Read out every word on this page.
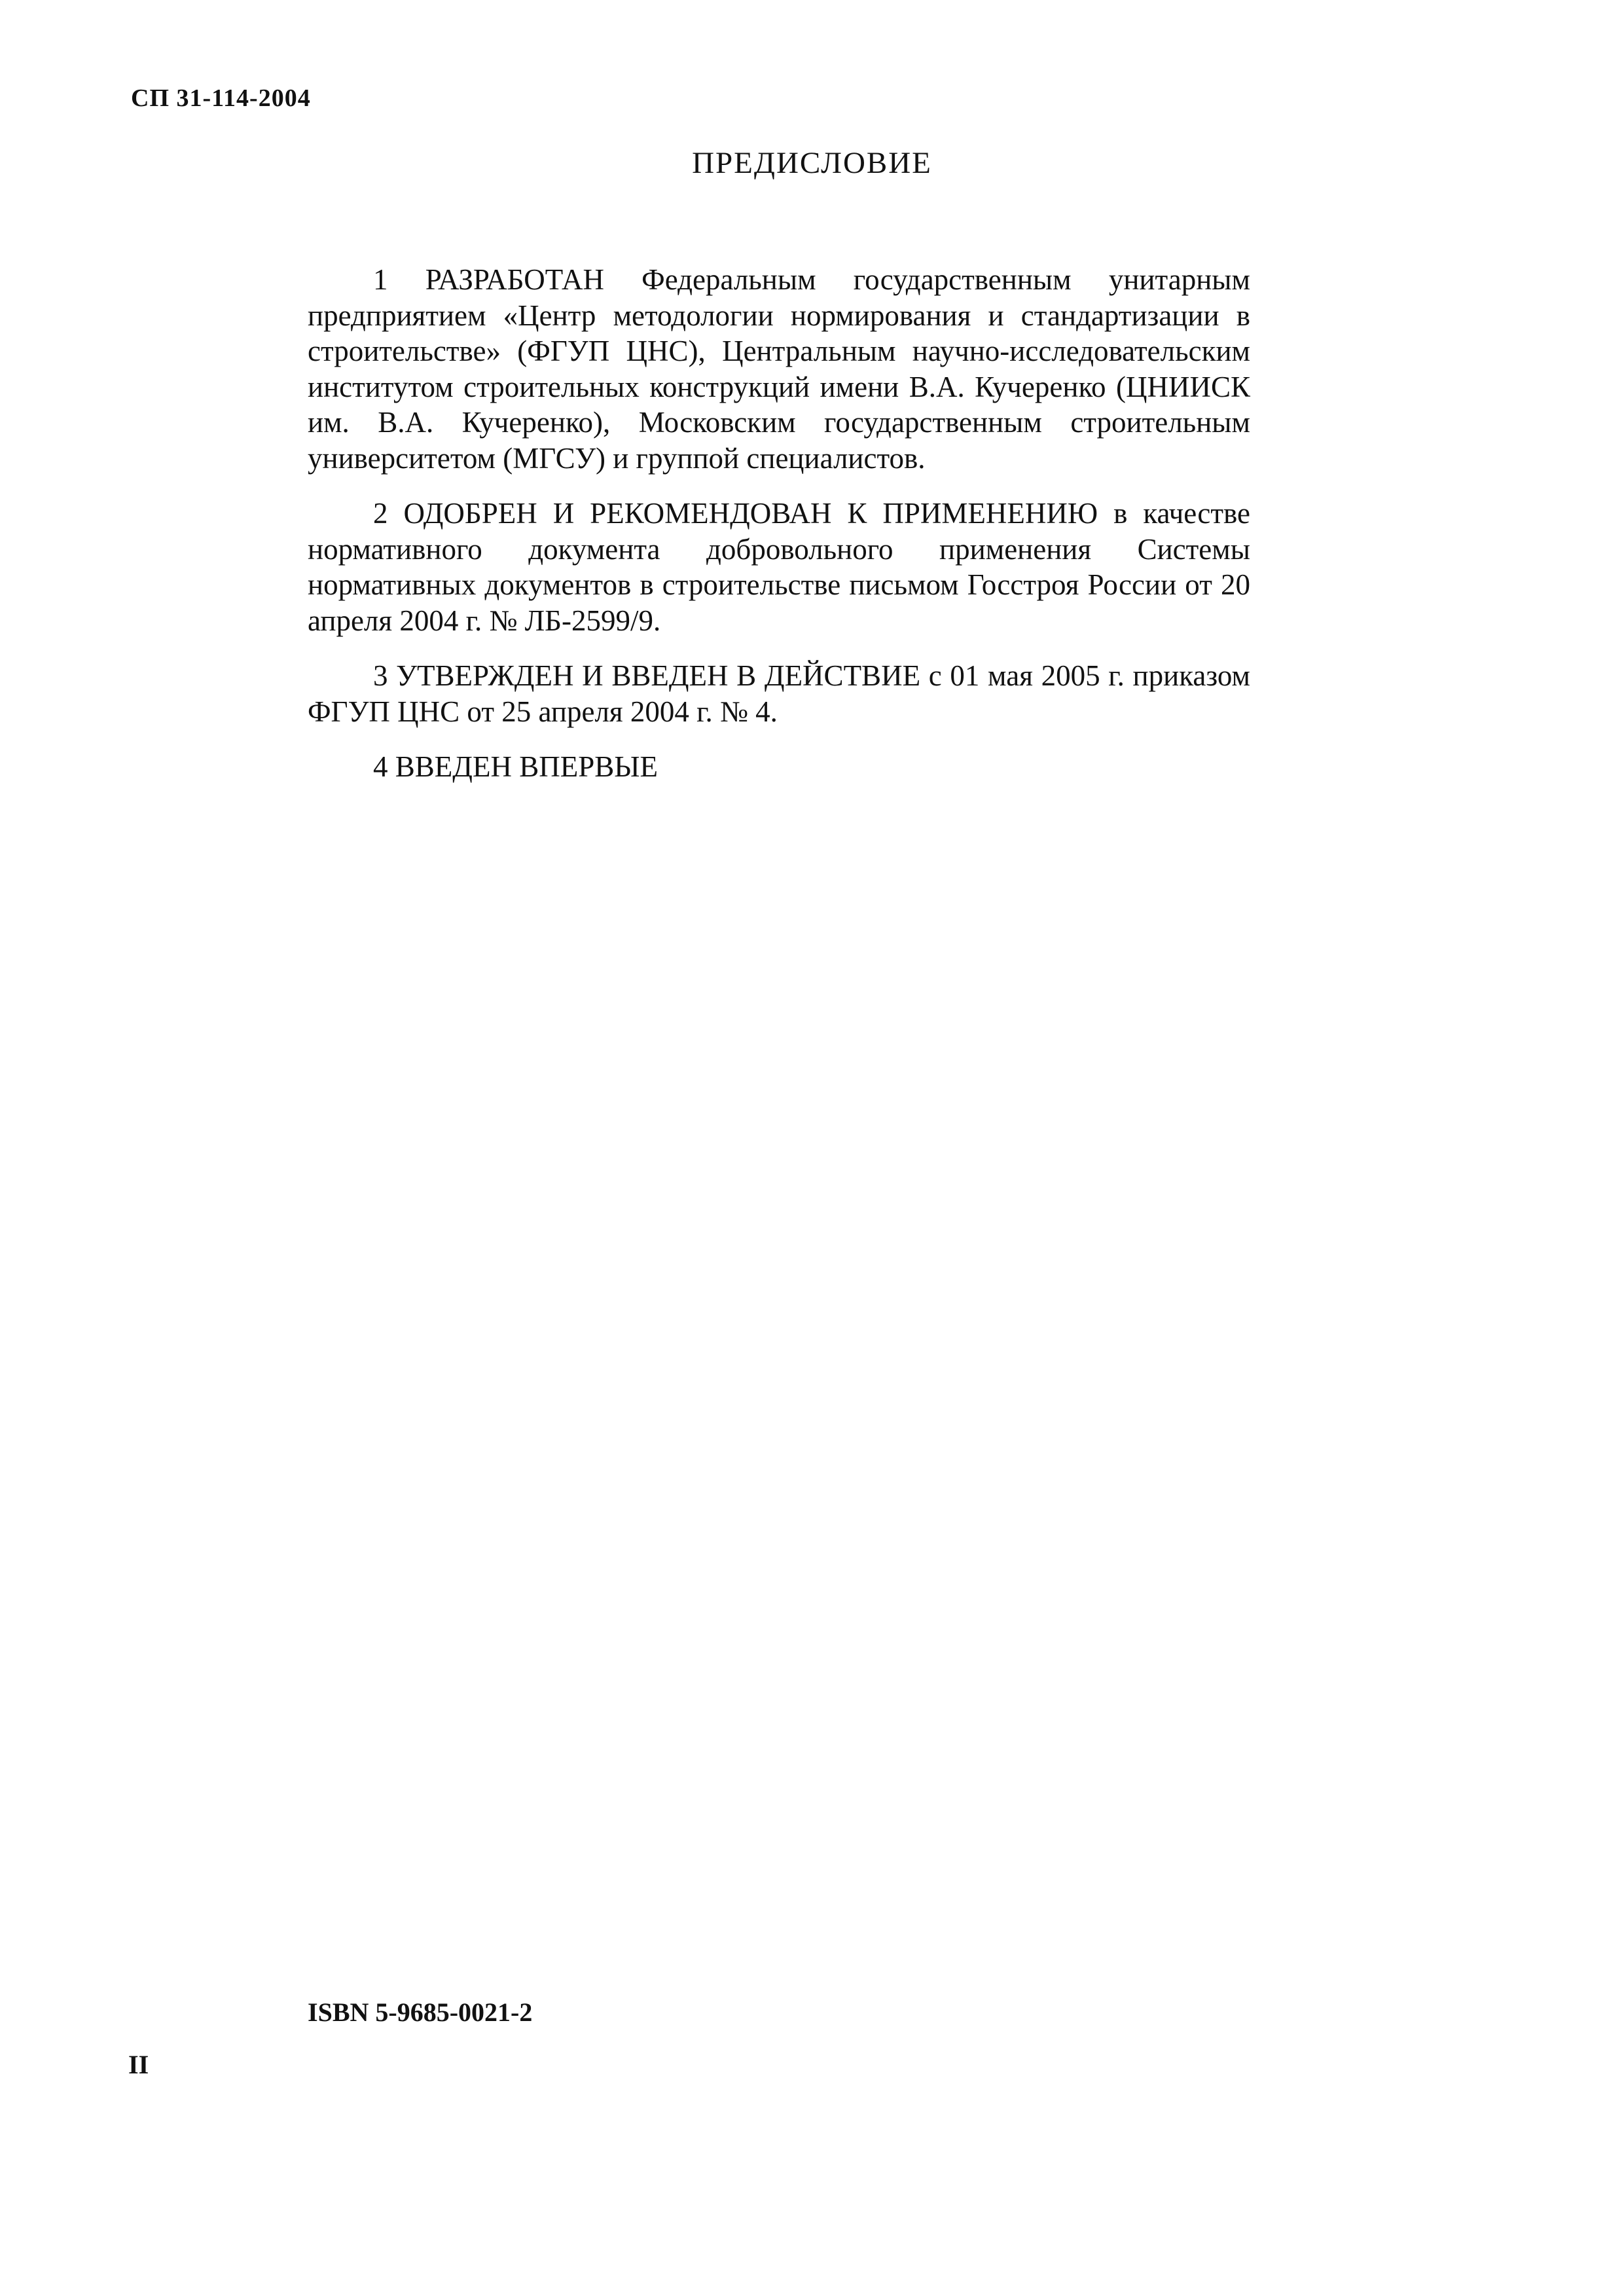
СП 31-114-2004
ПРЕДИСЛОВИЕ

1 РАЗРАБОТАН Федеральным государственным унитарным предприятием «Центр методологии нормирования и стандартизации в строительстве» (ФГУП ЦНС), Центральным научно-исследовательским институтом строительных конструкций имени В.А. Кучеренко (ЦНИИСК им. В.А. Кучеренко), Московским государственным строительным университетом (МГСУ) и группой специалистов.

2 ОДОБРЕН И РЕКОМЕНДОВАН К ПРИМЕНЕНИЮ в качестве нормативного документа добровольного применения Системы нормативных документов в строительстве письмом Госстроя России от 20 апреля 2004 г. № ЛБ-2599/9.

3 УТВЕРЖДЕН И ВВЕДЕН В ДЕЙСТВИЕ с 01 мая 2005 г. приказом ФГУП ЦНС от 25 апреля 2004 г. № 4.

4 ВВЕДЕН ВПЕРВЫЕ

ISBN 5-9685-0021-2
II
